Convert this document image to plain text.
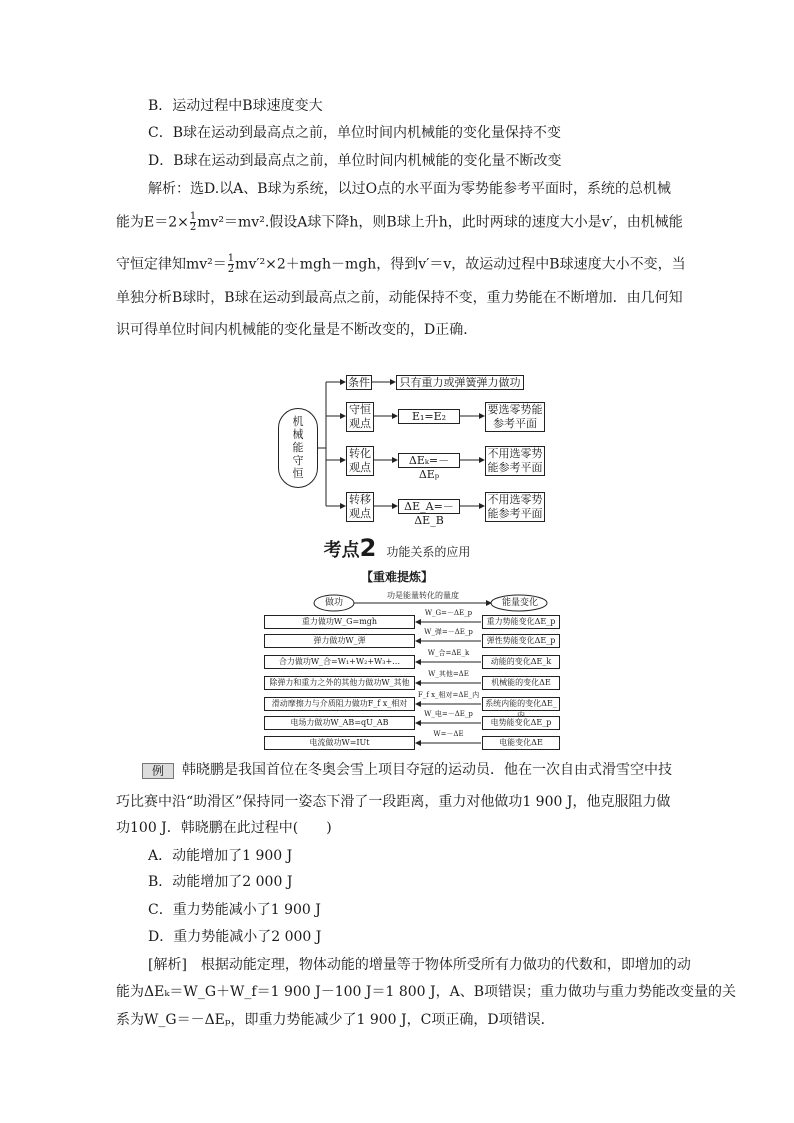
B．运动过程中B球速度变大
C．B球在运动到最高点之前，单位时间内机械能的变化量保持不变
D．B球在运动到最高点之前，单位时间内机械能的变化量不断改变
解析：选D.以A、B球为系统，以过O点的水平面为零势能参考平面时，系统的总机械
能为$E=2\times \frac{1}{2} mv^2=mv^2$.假设A球下降h，则B球上升h，此时两球的速度大小是v′，由机械能
守恒定律知$mv^2= \frac{1}{2} mv'^2\times 2+mgh-mgh$，得到v′＝v，故运动过程中B球速度大小不变，当
单独分析B球时，B球在运动到最高点之前，动能保持不变，重力势能在不断增加．由几何知
识可得单位时间内机械能的变化量是不断改变的，D正确．
机械能守恒
条件	只有重力或弹簧弹力做功
守恒
观点
E₁=E₂
要选零势能
参考平面
转化
观点
ΔEₖ=－ΔEₚ
不用选零势
能参考平面
转移
观点
ΔE_A=－ΔE_B
不用选零势
能参考平面
考点2 功能关系的应用
【重难提炼】
做功
功是能量转化的量度
能量变化
重力做功W_G=mgh
W_G=－ΔE_p
重力势能变化ΔE_p
弹力做功W_弹
W_弹=－ΔE_p
弹性势能变化ΔE_p
合力做功W_合=W₁+W₂+W₃+…
W_合=ΔE_k
动能的变化ΔE_k
除弹力和重力之外的其他力做功W_其他
W_其他=ΔE
机械能的变化ΔE
滑动摩擦力与介质阻力做功F_f x_相对
F_f x_相对=ΔE_内
系统内能的变化ΔE_
电场力做功W_AB=qU_AB
W_电=－ΔE_p
电势能变化ΔE_p
电流做功W=IUt
W=－ΔE
电能变化ΔE
例	韩晓鹏是我国首位在冬奥会雪上项目夺冠的运动员．他在一次自由式滑雪空中技
巧比赛中沿“助滑区”保持同一姿态下滑了一段距离，重力对他做功1 900 J，他克服阻力做
功100 J．韩晓鹏在此过程中(　　)
A．动能增加了1 900 J
B．动能增加了2 000 J
C．重力势能减小了1 900 J
D．重力势能减小了2 000 J
[解析]　根据动能定理，物体动能的增量等于物体所受所有力做功的代数和，即增加的动
能为ΔEₖ＝W_G＋W_f＝1 900 J－100 J＝1 800 J，A、B项错误；重力做功与重力势能改变量的关
系为W_G＝－ΔEₚ，即重力势能减少了1 900 J，C项正确，D项错误．
